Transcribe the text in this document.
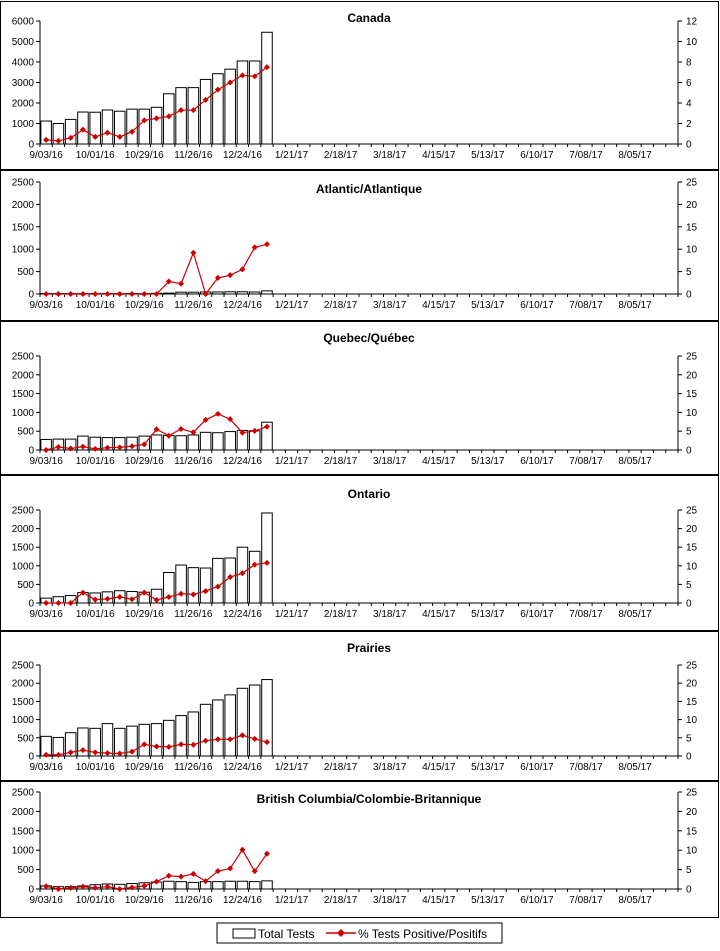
Canada
0
1000
2000
3000
4000
5000
6000
0
2
4
6
8
10
12
9/03/16 10/01/16 10/29/16 11/26/16 12/24/16 1/21/17 2/18/17 3/18/17 4/15/17 5/13/17 6/10/17 7/08/17 8/05/17
Atlantic/Atlantique
0
500
1000
1500
2000
2500
0
5
10
15
20
25
9/03/16 10/01/16 10/29/16 11/26/16 12/24/16 1/21/17 2/18/17 3/18/17 4/15/17 5/13/17 6/10/17 7/08/17 8/05/17
Quebec/Québec
0
500
1000
1500
2000
2500
0
5
10
15
20
25
9/03/16 10/01/16 10/29/16 11/26/16 12/24/16 1/21/17 2/18/17 3/18/17 4/15/17 5/13/17 6/10/17 7/08/17 8/05/17
Ontario
0
500
1000
1500
2000
2500
0
5
10
15
20
25
9/03/16 10/01/16 10/29/16 11/26/16 12/24/16 1/21/17 2/18/17 3/18/17 4/15/17 5/13/17 6/10/17 7/08/17 8/05/17
Prairies
0
500
1000
1500
2000
2500
0
5
10
15
20
25
9/03/16 10/01/16 10/29/16 11/26/16 12/24/16 1/21/17 2/18/17 3/18/17 4/15/17 5/13/17 6/10/17 7/08/17 8/05/17
British Columbia/Colombie-Britannique
0
500
1000
1500
2000
2500
0
5
10
15
20
25
9/03/16 10/01/16 10/29/16 11/26/16 12/24/16 1/21/17 2/18/17 3/18/17 4/15/17 5/13/17 6/10/17 7/08/17 8/05/17
Total Tests	% Tests Positive/Positifs
